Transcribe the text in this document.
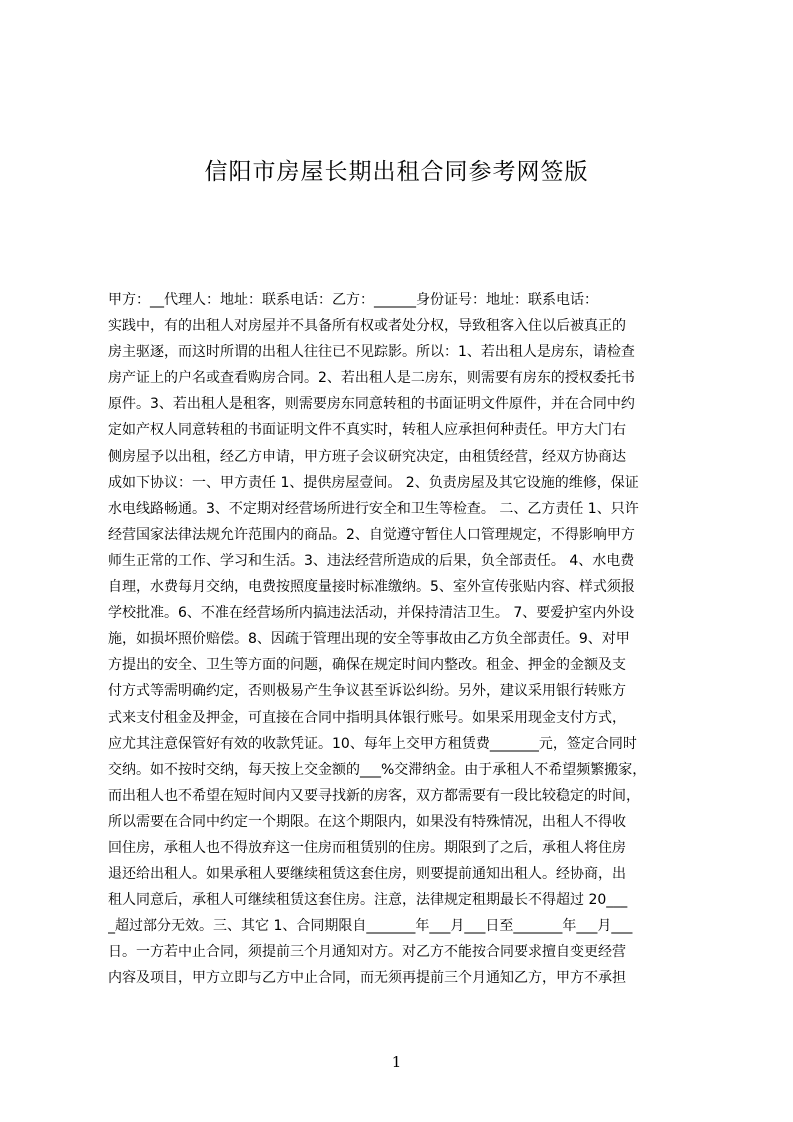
信阳市房屋长期出租合同参考网签版
甲方：__代理人：地址：联系电话：乙方：______身份证号：地址：联系电话：
实践中，有的出租人对房屋并不具备所有权或者处分权，导致租客入住以后被真正的
房主驱逐，而这时所谓的出租人往往已不见踪影。所以：1、若出租人是房东，请检查
房产证上的户名或查看购房合同。2、若出租人是二房东，则需要有房东的授权委托书
原件。3、若出租人是租客，则需要房东同意转租的书面证明文件原件，并在合同中约
定如产权人同意转租的书面证明文件不真实时，转租人应承担何种责任。甲方大门右
侧房屋予以出租，经乙方申请，甲方班子会议研究决定，由租赁经营，经双方协商达
成如下协议：一、甲方责任 1、提供房屋壹间。 2、负责房屋及其它设施的维修，保证
水电线路畅通。3、不定期对经营场所进行安全和卫生等检查。 二、乙方责任 1、只许
经营国家法律法规允许范围内的商品。2、自觉遵守暂住人口管理规定，不得影响甲方
师生正常的工作、学习和生活。3、违法经营所造成的后果，负全部责任。 4、水电费
自理，水费每月交纳，电费按照度量接时标准缴纳。5、室外宣传张贴内容、样式须报
学校批准。6、不准在经营场所内搞违法活动，并保持清洁卫生。 7、要爱护室内外设
施，如损坏照价赔偿。8、因疏于管理出现的安全等事故由乙方负全部责任。9、对甲
方提出的安全、卫生等方面的问题，确保在规定时间内整改。租金、押金的金额及支
付方式等需明确约定，否则极易产生争议甚至诉讼纠纷。另外，建议采用银行转账方
式来支付租金及押金，可直接在合同中指明具体银行账号。如果采用现金支付方式，
应尤其注意保管好有效的收款凭证。10、每年上交甲方租赁费_______元，签定合同时
交纳。如不按时交纳，每天按上交金额的___%交滞纳金。由于承租人不希望频繁搬家，
而出租人也不希望在短时间内又要寻找新的房客，双方都需要有一段比较稳定的时间，
所以需要在合同中约定一个期限。在这个期限内，如果没有特殊情况，出租人不得收
回住房，承租人也不得放弃这一住房而租赁别的住房。期限到了之后，承租人将住房
退还给出租人。如果承租人要继续租赁这套住房，则要提前通知出租人。经协商，出
租人同意后，承租人可继续租赁这套住房。注意，法律规定租期最长不得超过 20___
_超过部分无效。三、其它 1、合同期限自_______年___月___日至_______年___月___
日。一方若中止合同，须提前三个月通知对方。对乙方不能按合同要求擅自变更经营
内容及项目，甲方立即与乙方中止合同，而无须再提前三个月通知乙方，甲方不承担
1
